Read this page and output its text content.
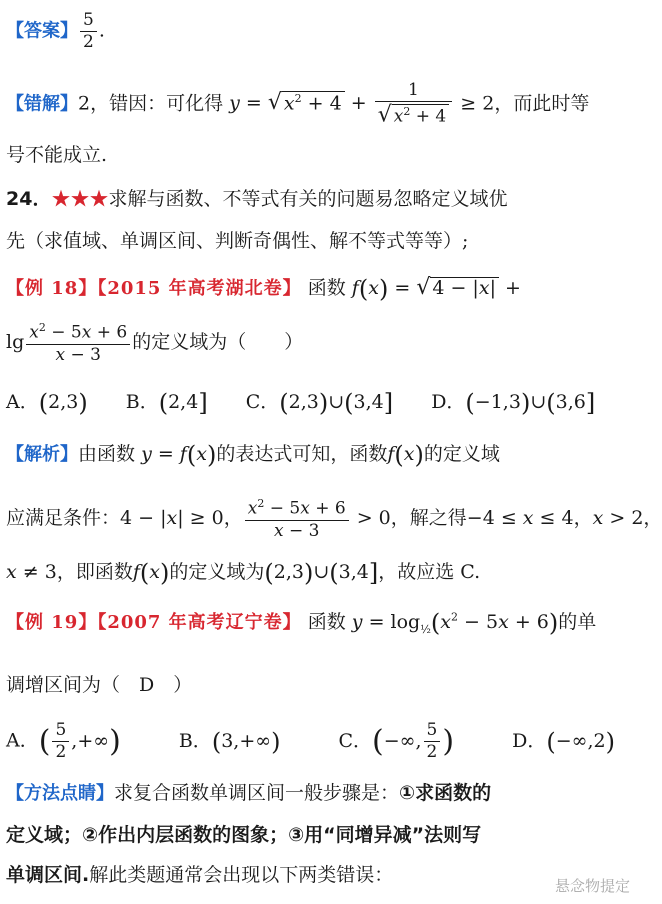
【答案】 $\frac{5}{2}$ .
【错解】2，错因：可化得 y = √ $x^2 + 4 + \frac{1}{√ x^2 + 4} \ge 2$，而此时等
号不能成立.
24．★★★求解与函数、不等式有关的问题易忽略定义域优
先（求值域、单调区间、判断奇偶性、解不等式等等）;
【例 18】【2015 年高考湖北卷】 函数 f(x) = √ 4 − |x| +
$\lg \frac{x^2 - 5x + 6}{x - 3}$ 的定义域为（　　）
A．(2,3) B．(2,4] C．(2,3)∪(3,4] D．(−1,3)∪(3,6]
【解析】由函数 y = f(x)的表达式可知，函数f(x)的定义域
应满足条件：4 − |x| ≥ 0， $\frac{x^2 - 5x + 6}{x - 3} > 0$，解之得−4 ≤ x ≤ 4，x > 2，
x ≠ 3，即函数f(x)的定义域为(2,3)∪(3,4]，故应选 C.
【例 19】【2007 年高考辽宁卷】 函数 $y = \log_{\frac{1}{2}}(x^2 - 5x + 6)$的单
调增区间为（　D　）
A．( $\frac{5}{2}$ ,+∞)	B．(3,+∞)	C．(−∞, $\frac{5}{2}$ )	D．(−∞,2)
【方法点睛】求复合函数单调区间一般步骤是：①求函数的
定义域；②作出内层函数的图象；③用“同增异减”法则写
单调区间.解此类题通常会出现以下两类错误：	悬念物提定
